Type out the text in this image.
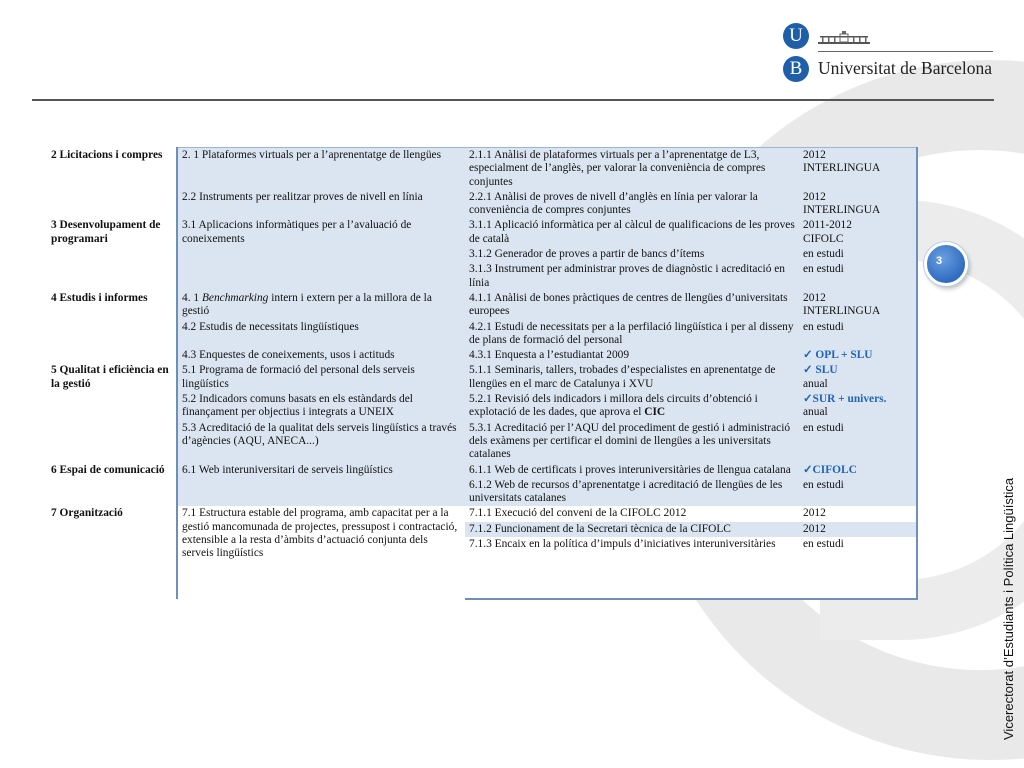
U
B Universitat de Barcelona
3
Vicerectorat d’Estudiants i Política Lingüística
2 Licitacions i compres	2. 1 Plataformes virtuals per a l’aprenentatge de llengües	2.1.1 Anàlisi de plataformes virtuals per a l’aprenentatge de L3, especialment de l’anglès, per valorar la conveniència de compres conjuntes	2012
INTERLINGUA

	2.2 Instruments per realitzar proves de nivell en línia	2.2.1 Anàlisi de proves de nivell d’anglès en línia per valorar la conveniència de compres conjuntes	2012
INTERLINGUA

3 Desenvolupament de programari	3.1 Aplicacions informàtiques per a l’avaluació de coneixements	3.1.1 Aplicació informàtica per al càlcul de qualificacions de les proves de català	2011-2012
CIFOLC

		3.1.2 Generador de proves a partir de bancs d’ítems	en estudi

		3.1.3 Instrument per administrar proves de diagnòstic i acreditació en línia	en estudi

4 Estudis i informes	4. 1 Benchmarking intern i extern per a la millora de la gestió	4.1.1 Anàlisi de bones pràctiques de centres de llengües d’universitats europees	2012
INTERLINGUA

	4.2 Estudis de necessitats lingüístiques	4.2.1 Estudi de necessitats per a la perfilació lingüística i per al disseny de plans de formació del personal	en estudi

	4.3 Enquestes de coneixements, usos i actituds	4.3.1 Enquesta a l’estudiantat 2009	✓ OPL + SLU

5 Qualitat i eficiència en la gestió	5.1 Programa de formació del personal dels serveis lingüístics	5.1.1 Seminaris, tallers, trobades d’especialistes en aprenentatge de llengües en el marc de Catalunya i XVU	✓ SLU
anual

	5.2 Indicadors comuns basats en els estàndards del finançament per objectius i integrats a UNEIX	5.2.1 Revisió dels indicadors i millora dels circuits d’obtenció i explotació de les dades, que aprova el CIC	✓SUR + univers.
anual

	5.3 Acreditació de la qualitat dels serveis lingüístics a través d’agències (AQU, ANECA...)	5.3.1 Acreditació per l’AQU del procediment de gestió i administració dels exàmens per certificar el domini de llengües a les universitats catalanes	en estudi

6 Espai de comunicació	6.1 Web interuniversitari de serveis lingüístics	6.1.1 Web de certificats i proves interuniversitàries de llengua catalana	✓CIFOLC

		6.1.2 Web de recursos d’aprenentatge i acreditació de llengües de les universitats catalanes	en estudi

7 Organització	7.1 Estructura estable del programa, amb capacitat per a la gestió mancomunada de projectes, pressupost i contractació, extensible a la resta d’àmbits d’actuació conjunta dels serveis lingüístics	7.1.1 Execució del conveni de la CIFOLC 2012	2012

		7.1.2 Funcionament de la Secretari tècnica de la CIFOLC	2012

		7.1.3 Encaix en la política d’impuls d’iniciatives interuniversitàries	en estudi
